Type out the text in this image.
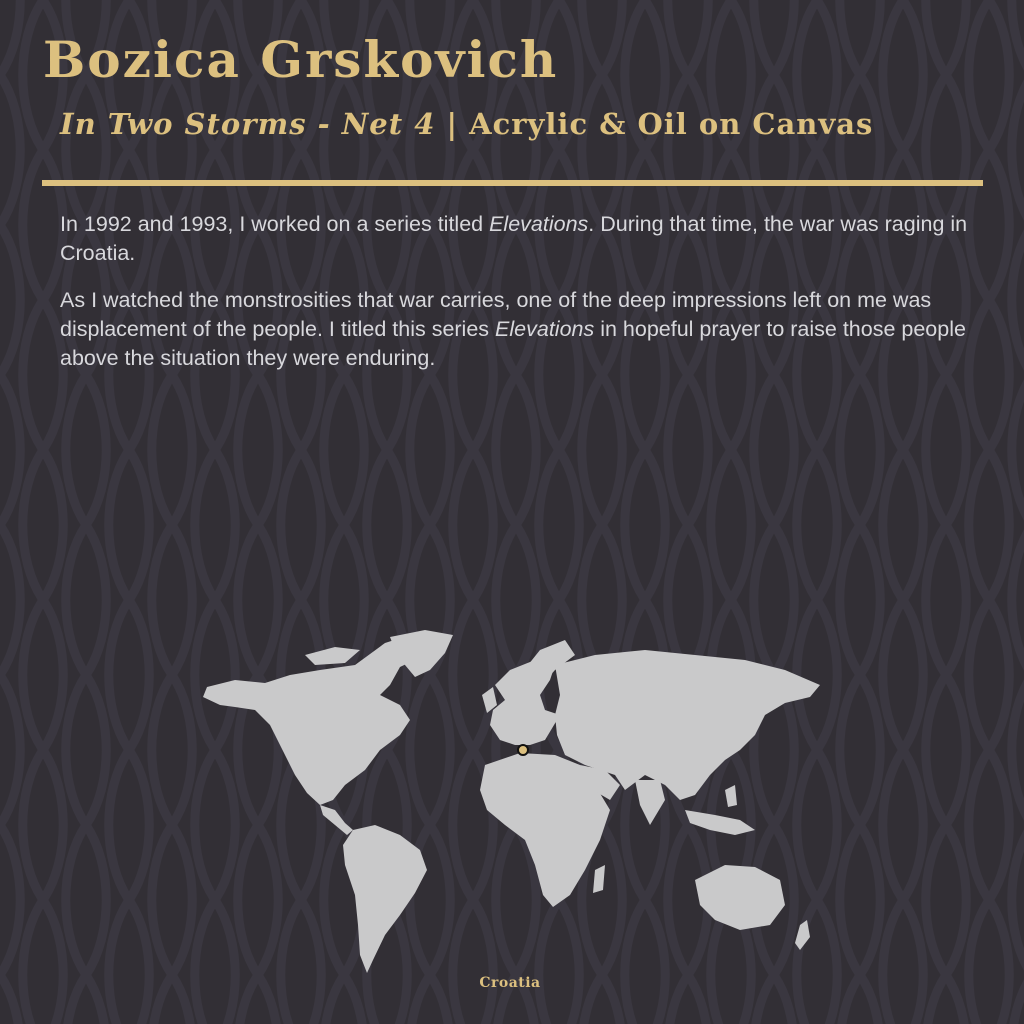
Bozica Grskovich
In Two Storms - Net 4 | Acrylic & Oil on Canvas

In 1992 and 1993, I worked on a series titled Elevations. During that time, the war was raging in Croatia.

As I watched the monstrosities that war carries, one of the deep impressions left on me was displacement of the people. I titled this series Elevations in hopeful prayer to raise those people above the situation they were enduring.

Croatia
